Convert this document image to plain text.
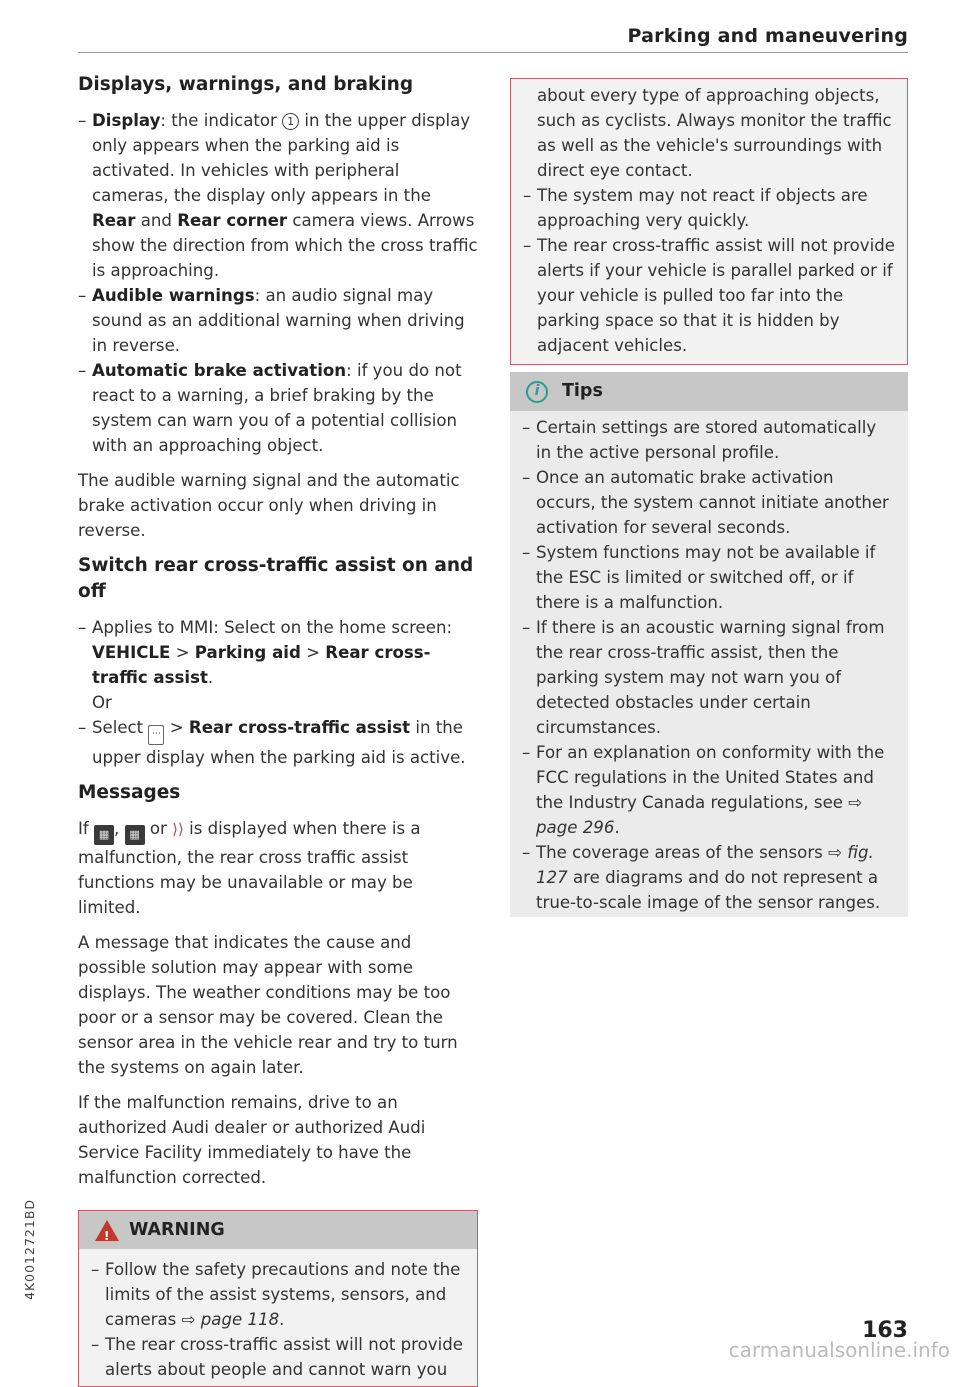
Parking and maneuvering
Displays, warnings, and braking
– Display: the indicator 1 in the upper display only appears when the parking aid is activated. In vehicles with peripheral cameras, the display only appears in the Rear and Rear corner camera views. Arrows show the direction from which the cross traffic is approaching.
– Audible warnings: an audio signal may sound as an additional warning when driving in reverse.
– Automatic brake activation: if you do not react to a warning, a brief braking by the system can warn you of a potential collision with an approaching object.

The audible warning signal and the automatic brake activation occur only when driving in reverse.

Switch rear cross-traffic assist on and off
– Applies to MMI: Select on the home screen: VEHICLE > Parking aid > Rear cross-traffic assist.
Or
– Select ⋯ > Rear cross-traffic assist in the upper display when the parking aid is active.
Messages

If ▦ , ▦ or ⟩⟩ is displayed when there is a malfunction, the rear cross traffic assist functions may be unavailable or may be limited.

A message that indicates the cause and possible solution may appear with some displays. The weather conditions may be too poor or a sensor may be covered. Clean the sensor area in the vehicle rear and try to turn the systems on again later.

If the malfunction remains, drive to an authorized Audi dealer or authorized Audi Service Facility immediately to have the malfunction corrected.

!
WARNING
– Follow the safety precautions and note the limits of the assist systems, sensors, and cameras ⇨ page 118.
– The rear cross-traffic assist will not provide alerts about people and cannot warn you

about every type of approaching objects, such as cyclists. Always monitor the traffic as well as the vehicle's surroundings with direct eye contact.

– The system may not react if objects are approaching very quickly.
– The rear cross-traffic assist will not provide alerts if your vehicle is parallel parked or if your vehicle is pulled too far into the parking space so that it is hidden by adjacent vehicles.
i	Tips
– Certain settings are stored automatically in the active personal profile.
– Once an automatic brake activation occurs, the system cannot initiate another activation for several seconds.
– System functions may not be available if the ESC is limited or switched off, or if there is a malfunction.
– If there is an acoustic warning signal from the rear cross-traffic assist, then the parking system may not warn you of detected obstacles under certain circumstances.
– For an explanation on conformity with the FCC regulations in the United States and the Industry Canada regulations, see ⇨ page 296.
– The coverage areas of the sensors ⇨ fig. 127 are diagrams and do not represent a true-to-scale image of the sensor ranges.
4K0012721BD
163
carmanualsonline.info
